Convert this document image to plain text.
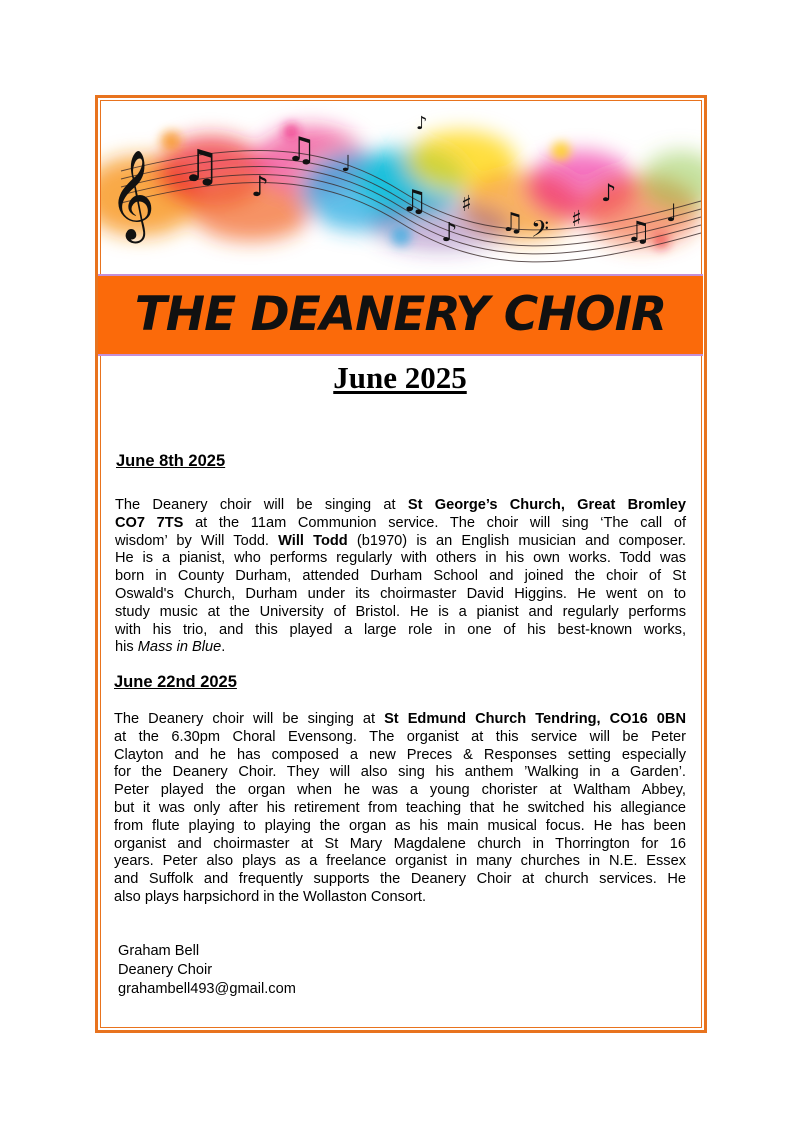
𝄞 ♫ ♪
♫ ♩
♫
♪
♯
♫ 𝄢 ♯
♪
♫
♩
♪
THE DEANERY CHOIR
June 2025
June 8th 2025
The Deanery choir will be singing at St George’s Church, Great Bromley
CO7 7TS at the 11am Communion service. The choir will sing ‘The call of
wisdom’ by Will Todd. Will Todd (b1970) is an English musician and composer.
He is a pianist, who performs regularly with others in his own works. Todd was
born in County Durham, attended Durham School and joined the choir of St
Oswald's Church, Durham under its choirmaster David Higgins. He went on to
study music at the University of Bristol. He is a pianist and regularly performs
with his trio, and this played a large role in one of his best-known works,
his Mass in Blue.
June 22nd 2025
The Deanery choir will be singing at St Edmund Church Tendring, CO16 0BN
at the 6.30pm Choral Evensong. The organist at this service will be Peter
Clayton and he has composed a new Preces & Responses setting especially
for the Deanery Choir. They will also sing his anthem ’Walking in a Garden’.
Peter played the organ when he was a young chorister at Waltham Abbey,
but it was only after his retirement from teaching that he switched his allegiance
from flute playing to playing the organ as his main musical focus. He has been
organist and choirmaster at St Mary Magdalene church in Thorrington for 16
years. Peter also plays as a freelance organist in many churches in N.E. Essex
and Suffolk and frequently supports the Deanery Choir at church services. He
also plays harpsichord in the Wollaston Consort.
Graham Bell
Deanery Choir
grahambell493@gmail.com
